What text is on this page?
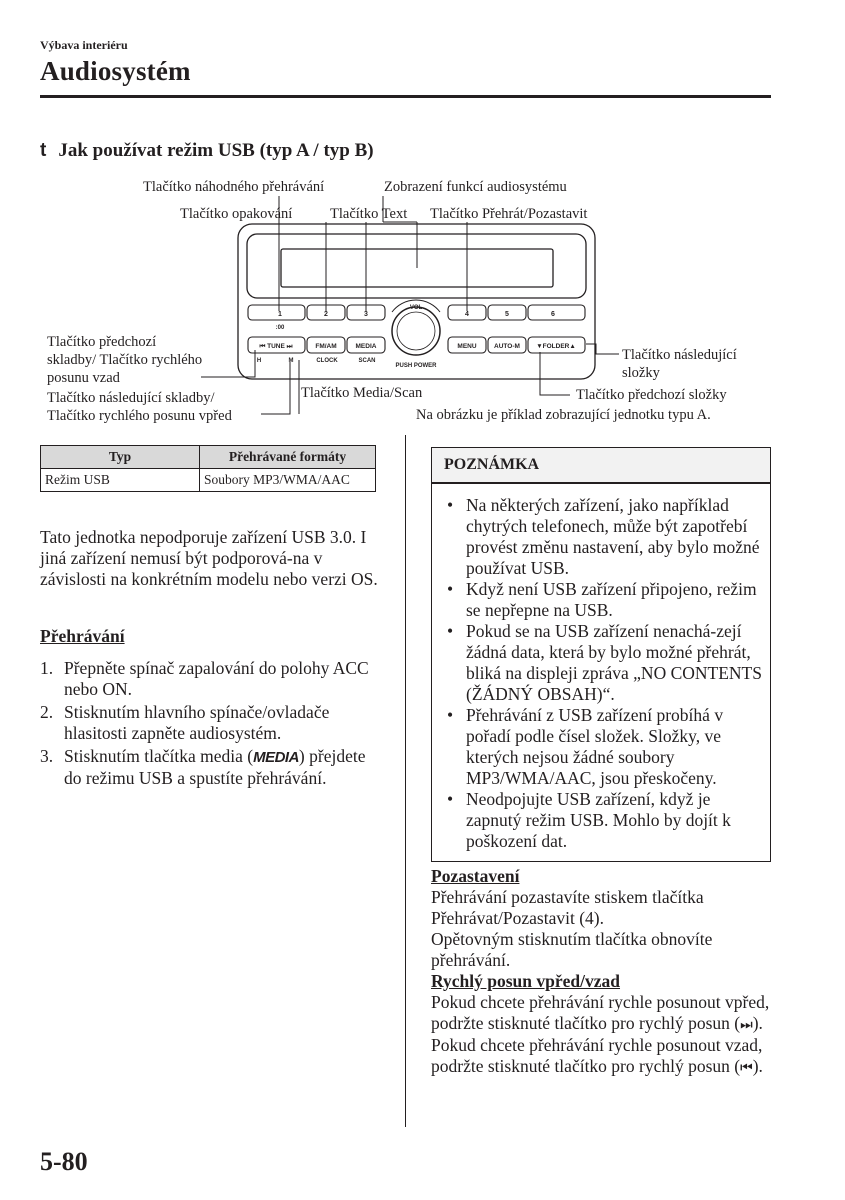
Výbava interiéru
Audiosystém
t Jak používat režim USB (typ A / typ B)
1	2	3	4	5	6
:00
⏮ TUNE ⏭	FM/AM	MEDIA	MENU	AUTO-M	▼FOLDER▲
H	M	CLOCK	SCAN
VOL
PUSH POWER
Tlačítko náhodného přehrávání	Zobrazení funkcí audiosystému
Tlačítko opakování	Tlačítko Text Tlačítko Přehrát/Pozastavit
Tlačítko předchozí skladby/ Tlačítko rychlého posunu vzad
Tlačítko následující skladby/ Tlačítko rychlého posunu vpřed
Tlačítko Media/Scan
Tlačítko následující složky
Tlačítko předchozí složky
Na obrázku je příklad zobrazující jednotku typu A.
Typ	Přehrávané formáty
Režim USB	Soubory MP3/WMA/AAC
Tato jednotka nepodporuje zařízení USB 3.0. I jiná zařízení nemusí být podporová-na v závislosti na konkrétním modelu nebo verzi OS.
Přehrávání
1. Přepněte spínač zapalování do polohy ACC nebo ON.
2. Stisknutím hlavního spínače/ovladače hlasitosti zapněte audiosystém.
3. Stisknutím tlačítka media (MEDIA) přejdete do režimu USB a spustíte přehrávání.
POZNÁMKA
• Na některých zařízení, jako například chytrých telefonech, může být zapotřebí provést změnu nastavení, aby bylo možné používat USB.
• Když není USB zařízení připojeno, režim se nepřepne na USB.
• Pokud se na USB zařízení nenachá-zejí žádná data, která by bylo možné přehrát, bliká na displeji zpráva „NO CONTENTS (ŽÁDNÝ OBSAH)“.
• Přehrávání z USB zařízení probíhá v pořadí podle čísel složek. Složky, ve kterých nejsou žádné soubory MP3/WMA/AAC, jsou přeskočeny.
• Neodpojujte USB zařízení, když je zapnutý režim USB. Mohlo by dojít k poškození dat.
Pozastavení
Přehrávání pozastavíte stiskem tlačítka Přehrávat/Pozastavit (4).
Opětovným stisknutím tlačítka obnovíte přehrávání.
Rychlý posun vpřed/vzad
Pokud chcete přehrávání rychle posunout vpřed, podržte stisknuté tlačítko pro rychlý posun (⏭).
Pokud chcete přehrávání rychle posunout vzad, podržte stisknuté tlačítko pro rychlý posun (⏮).
5-80
